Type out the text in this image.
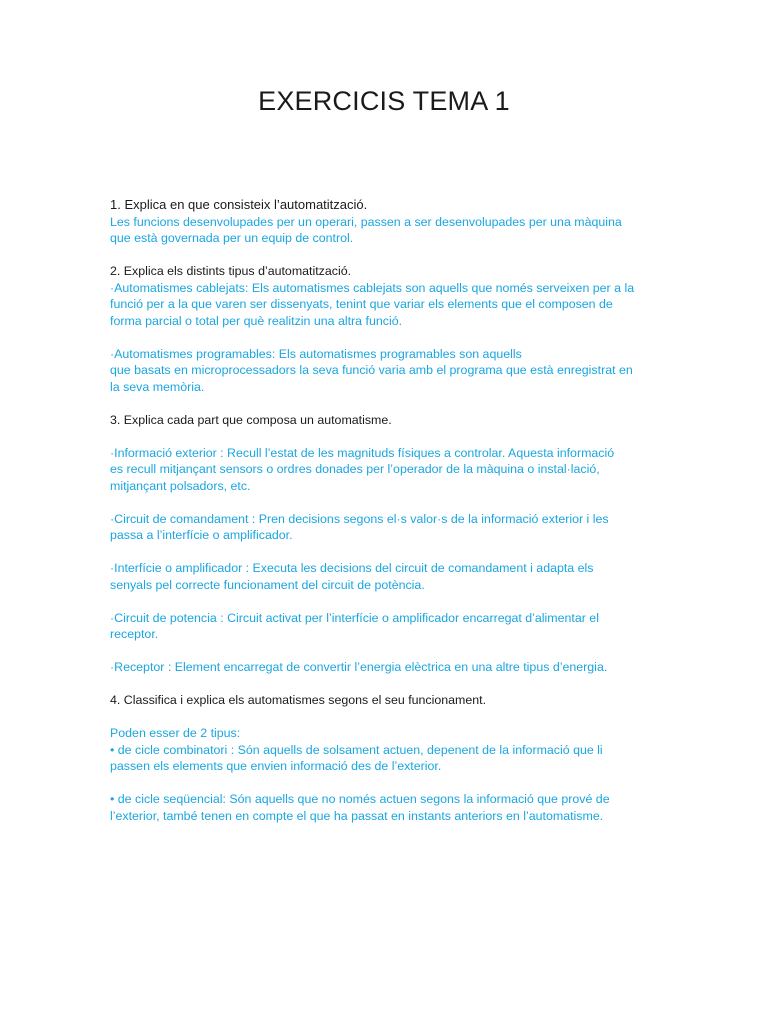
EXERCICIS TEMA 1

1. Explica en que consisteix l’automatització.

Les funcions desenvolupades per un operari, passen a ser desenvolupades per una màquina
que està governada per un equip de control.

2. Explica els distints tipus d’automatització.

·Automatismes cablejats: Els automatismes cablejats son aquells que només serveixen per a la
funció per a la que varen ser dissenyats, tenint que variar els elements que el composen de
forma parcial o total per què realitzin una altra funció.

·Automatismes programables: Els automatismes programables son aquells
que basats en microprocessadors la seva funció varia amb el programa que està enregistrat en
la seva memòria.

3. Explica cada part que composa un automatisme.

·Informació exterior : Recull l’estat de les magnituds físiques a controlar. Aquesta informació
es recull mitjançant sensors o ordres donades per l’operador de la màquina o instal·lació,
mitjançant polsadors, etc.

·Circuit de comandament : Pren decisions segons el·s valor·s de la informació exterior i les
passa a l’interfície o amplificador.

·Interfície o amplificador : Executa les decisions del circuit de comandament i adapta els
senyals pel correcte funcionament del circuit de potència.

·Circuit de potencia : Circuit activat per l’interfície o amplificador encarregat d’alimentar el
receptor.

·Receptor : Element encarregat de convertir l’energia elèctrica en una altre tipus d’energia.

4. Classifica i explica els automatismes segons el seu funcionament.

Poden esser de 2 tipus:
• de cicle combinatori : Són aquells de solsament actuen, depenent de la informació que li
passen els elements que envien informació des de l’exterior.

• de cicle seqüencial: Són aquells que no només actuen segons la informació que prové de
l’exterior, també tenen en compte el que ha passat en instants anteriors en l’automatisme.
